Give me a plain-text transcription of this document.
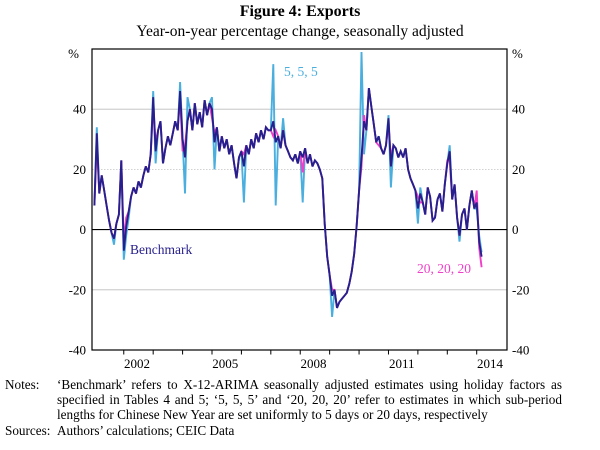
Figure 4: Exports
Year-on-year percentage change, seasonally adjusted
40	40
20	20
0	0
-20	-20
-40	-40
2002	2005	2008	2011	2014
%	%
5, 5, 5
Benchmark
20, 20, 20
Notes: ‘Benchmark’ refers to X-12-ARIMA seasonally adjusted estimates using holiday factors as specified in Tables 4 and 5; ‘5, 5, 5’ and ‘20, 20, 20’ refer to estimates in which sub-period lengths for Chinese New Year are set uniformly to 5 days or 20 days, respectively
Sources: Authors’ calculations; CEIC Data
